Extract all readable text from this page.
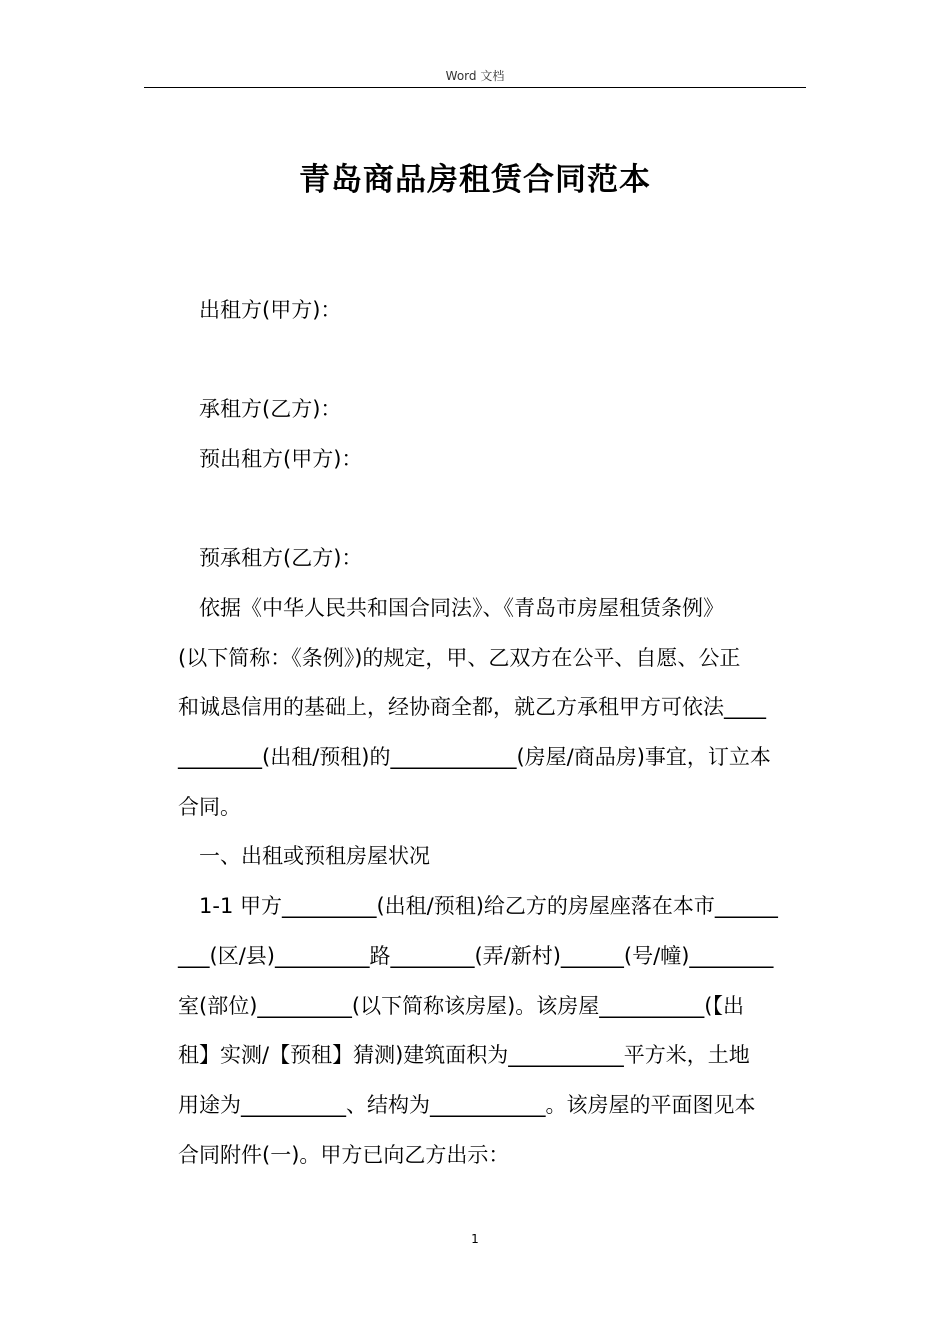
Word 文档
青岛商品房租赁合同范本
出租方(甲方)：
承租方(乙方)：
预出租方(甲方)：
预承租方(乙方)：
依据《中华人民共和国合同法》、《青岛市房屋租赁条例》
(以下简称：《条例》)的规定，甲、乙双方在公平、自愿、公正
和诚恳信用的基础上，经协商全都，就乙方承租甲方可依法____
________(出租/预租)的____________(房屋/商品房)事宜，订立本
合同。
一、出租或预租房屋状况
1-1 甲方_________(出租/预租)给乙方的房屋座落在本市______
___(区/县)_________路________(弄/新村)______(号/幢)________
室(部位)_________(以下简称该房屋)。该房屋__________(【出
租】实测/【预租】猜测)建筑面积为___________平方米，土地
用途为__________、结构为___________。该房屋的平面图见本
合同附件(一)。甲方已向乙方出示：
1
